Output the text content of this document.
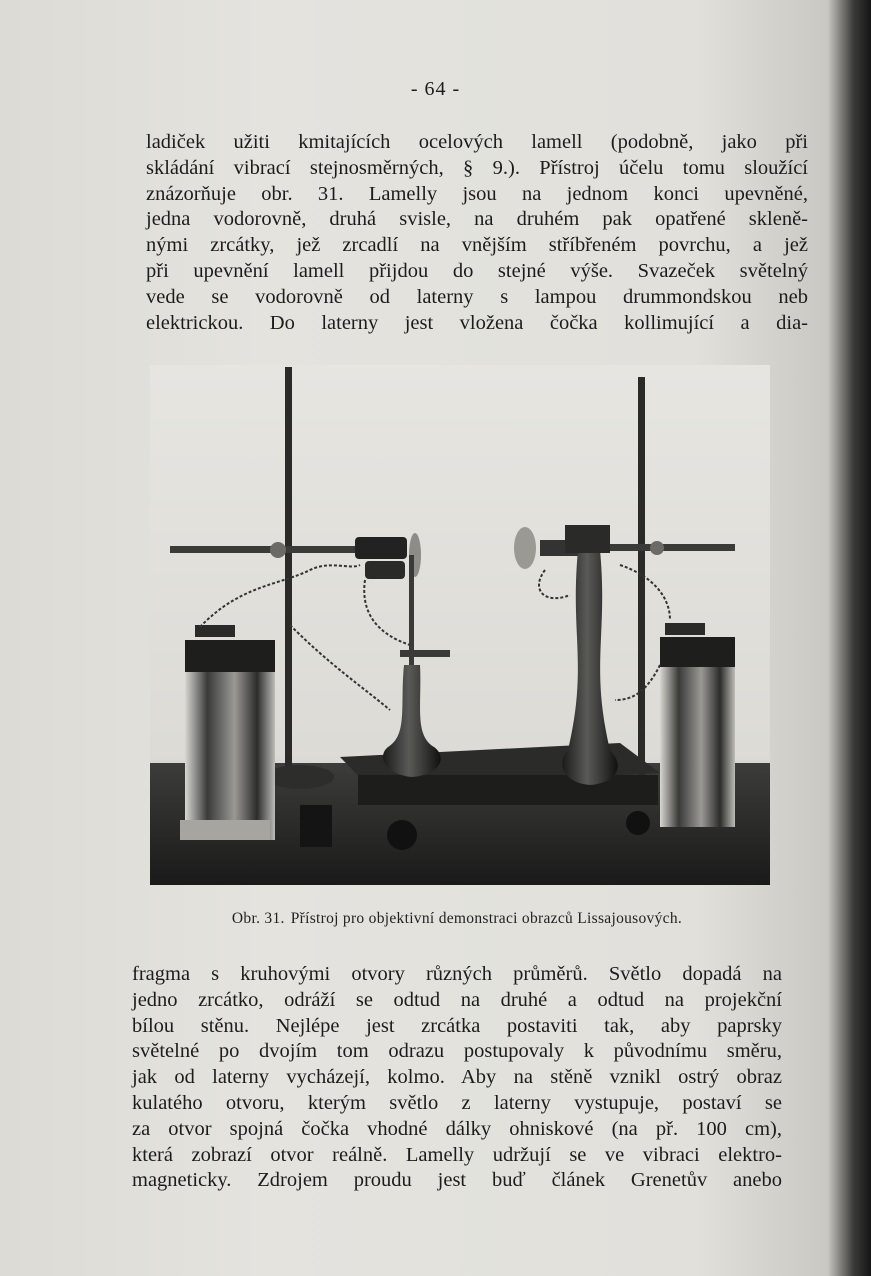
- 64 -
ladiček užiti kmitajících ocelových lamell (podobně, jako při
skládání vibrací stejnosměrných, § 9.). Přístroj účelu tomu sloužící
znázorňuje obr. 31. Lamelly jsou na jednom konci upevněné,
jedna vodorovně, druhá svisle, na druhém pak opatřené skleně-
nými zrcátky, jež zrcadlí na vnějším stříbřeném povrchu, a jež
při upevnění lamell přijdou do stejné výše. Svazeček světelný
vede se vodorovně od laterny s lampou drummondskou neb
elektrickou. Do laterny jest vložena čočka kollimující a dia-
Obr. 31. Přístroj pro objektivní demonstraci obrazců Lissajousových.
fragma s kruhovými otvory různých průměrů. Světlo dopadá na
jedno zrcátko, odráží se odtud na druhé a odtud na projekční
bílou stěnu. Nejlépe jest zrcátka postaviti tak, aby paprsky
světelné po dvojím tom odrazu postupovaly k původnímu směru,
jak od laterny vycházejí, kolmo. Aby na stěně vznikl ostrý obraz
kulatého otvoru, kterým světlo z laterny vystupuje, postaví se
za otvor spojná čočka vhodné dálky ohniskové (na př. 100 cm),
která zobrazí otvor reálně. Lamelly udržují se ve vibraci elektro-
magneticky. Zdrojem proudu jest buď článek Grenetův anebo
